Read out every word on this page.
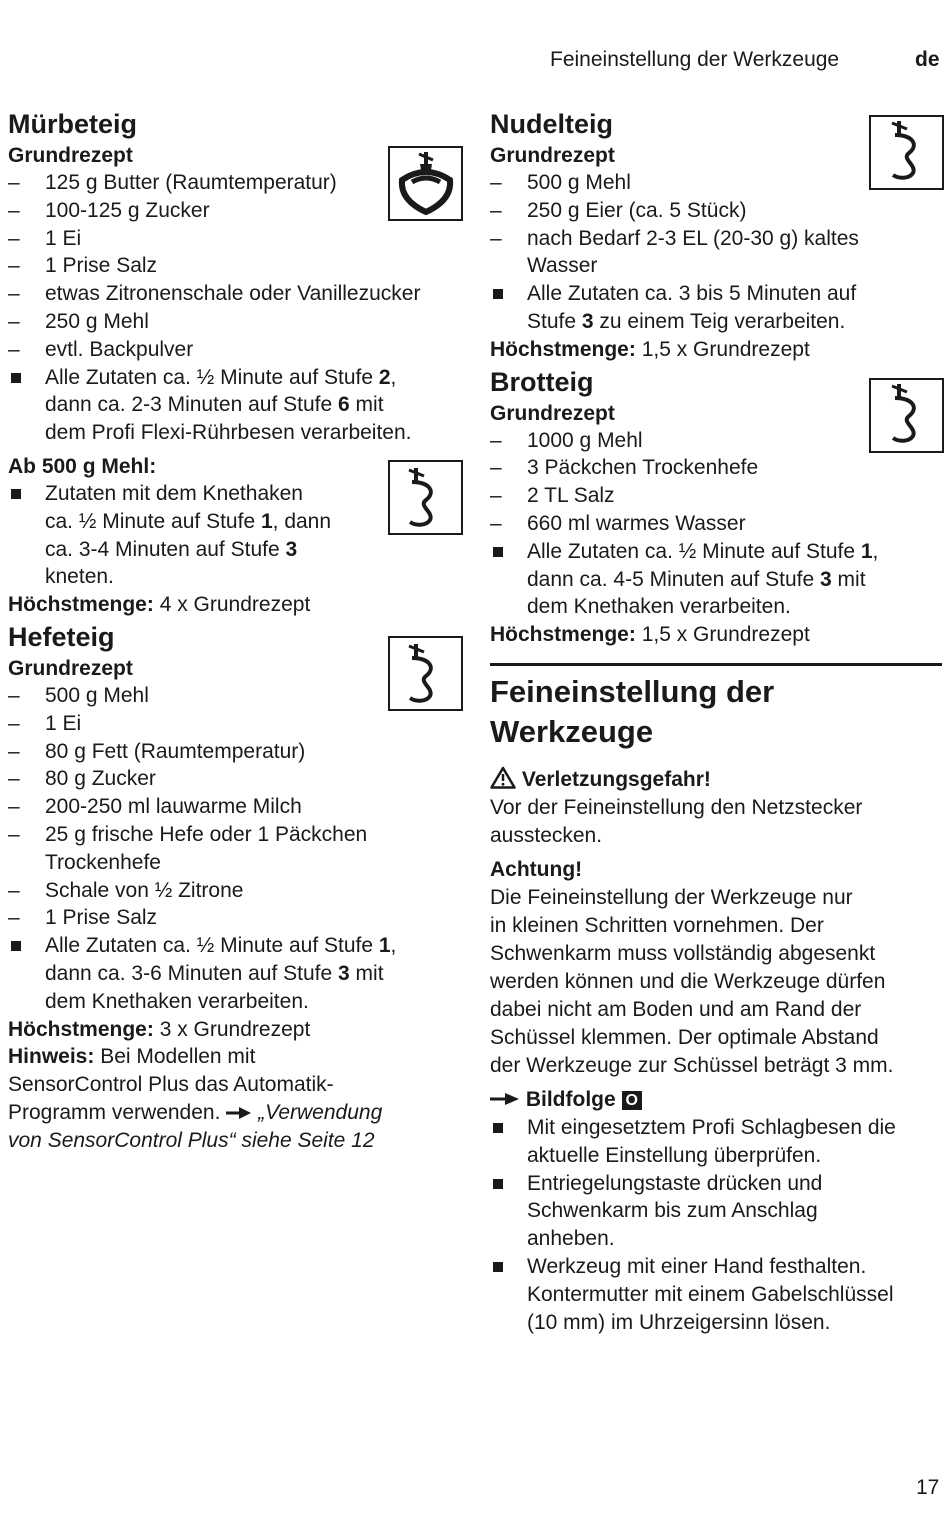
Feineinstellung der Werkzeuge	de
Mürbeteig
Grundrezept
– 125 g Butter (Raumtemperatur)
– 100-125 g Zucker
– 1 Ei
– 1 Prise Salz
– etwas Zitronenschale oder Vanillezucker
– 250 g Mehl
– evtl. Backpulver
Alle Zutaten ca. ½ Minute auf Stufe 2,
dann ca. 2-3 Minuten auf Stufe 6 mit
dem Profi Flexi-Rührbesen verarbeiten.
Ab 500 g Mehl:
Zutaten mit dem Knethaken
ca. ½ Minute auf Stufe 1, dann
ca. 3-4 Minuten auf Stufe 3
kneten.
Höchstmenge: 4 x Grundrezept
Hefeteig
Grundrezept
– 500 g Mehl
– 1 Ei
– 80 g Fett (Raumtemperatur)
– 80 g Zucker
– 200-250 ml lauwarme Milch
– 25 g frische Hefe oder 1 Päckchen
Trockenhefe
– Schale von ½ Zitrone
– 1 Prise Salz
Alle Zutaten ca. ½ Minute auf Stufe 1,
dann ca. 3-6 Minuten auf Stufe 3 mit
dem Knethaken verarbeiten.
Höchstmenge: 3 x Grundrezept
Hinweis: Bei Modellen mit
SensorControl Plus das Automatik-
Programm verwenden.  „Verwendung
von SensorControl Plus“ siehe Seite 12
Nudelteig
Grundrezept
– 500 g Mehl
– 250 g Eier (ca. 5 Stück)
– nach Bedarf 2-3 EL (20-30 g) kaltes
Wasser
Alle Zutaten ca. 3 bis 5 Minuten auf
Stufe 3 zu einem Teig verarbeiten.
Höchstmenge: 1,5 x Grundrezept
Brotteig
Grundrezept
– 1000 g Mehl
– 3 Päckchen Trockenhefe
– 2 TL Salz
– 660 ml warmes Wasser
Alle Zutaten ca. ½ Minute auf Stufe 1,
dann ca. 4-5 Minuten auf Stufe 3 mit
dem Knethaken verarbeiten.
Höchstmenge: 1,5 x Grundrezept
Feineinstellung der
Werkzeuge
Verletzungsgefahr!
Vor der Feineinstellung den Netzstecker
ausstecken.
Achtung!
Die Feineinstellung der Werkzeuge nur
in kleinen Schritten vornehmen. Der
Schwenkarm muss vollständig abgesenkt
werden können und die Werkzeuge dürfen
dabei nicht am Boden und am Rand der
Schüssel klemmen. Der optimale Abstand
der Werkzeuge zur Schüssel beträgt 3 mm.
Bildfolge O
Mit eingesetztem Profi Schlagbesen die
aktuelle Einstellung überprüfen.
Entriegelungstaste drücken und
Schwenkarm bis zum Anschlag
anheben.
Werkzeug mit einer Hand festhalten.
Kontermutter mit einem Gabelschlüssel
(10 mm) im Uhrzeigersinn lösen.
17
